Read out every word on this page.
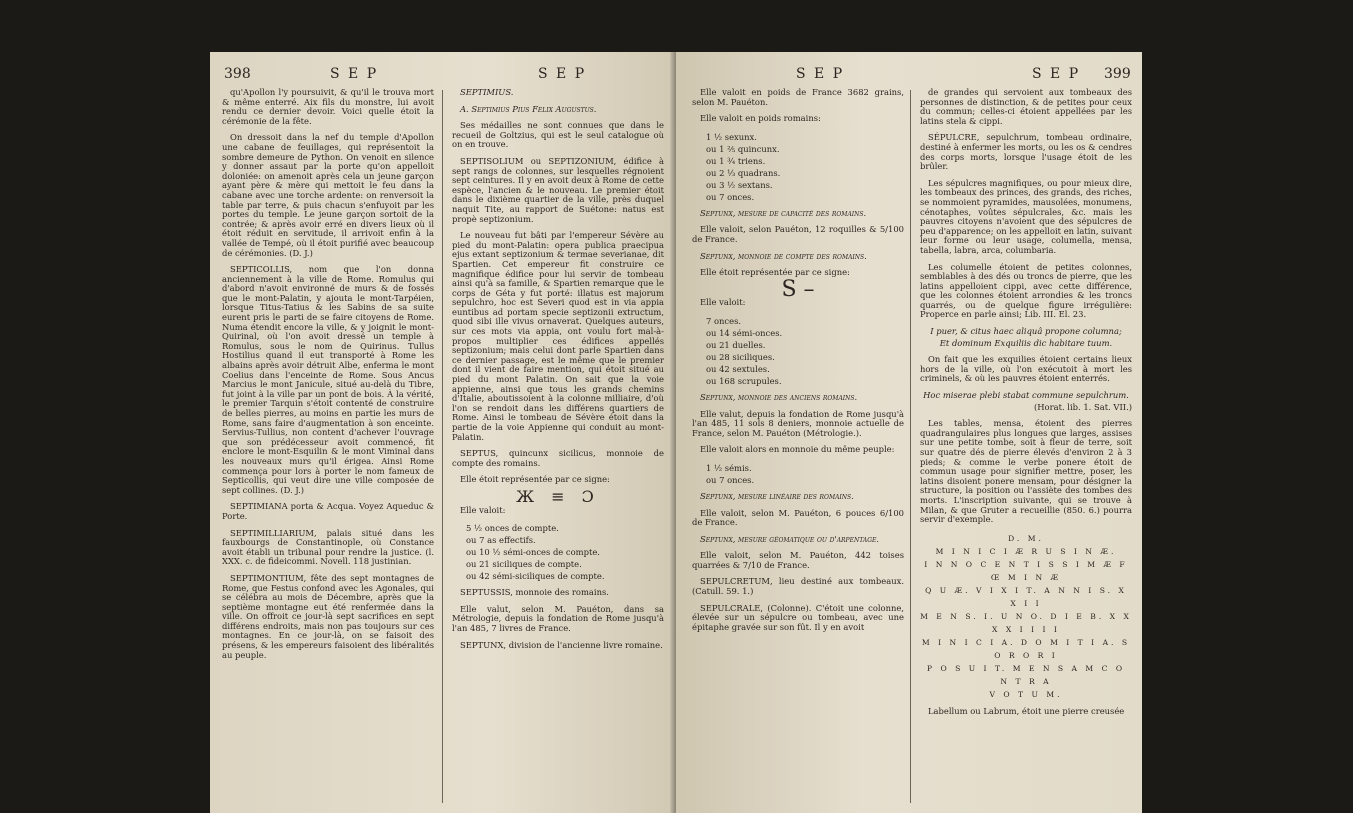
398	S E P	S E P

qu'Apollon l'y poursuivit, & qu'il le trouva mort & même enterré. Aix fils du monstre, lui avoit rendu ce dernier devoir. Voici quelle étoit la cérémonie de la fête.

On dressoit dans la nef du temple d'Apollon une cabane de feuillages, qui représentoit la sombre demeure de Python. On venoit en silence y donner assaut par la porte qu'on appelloit doloniée: on amenoit après cela un jeune garçon ayant père & mère qui mettoit le feu dans la cabane avec une torche ardente: on renversoit la table par terre, & puis chacun s'enfuyoit par les portes du temple. Le jeune garçon sortoit de la contrée; & après avoir erré en divers lieux où il étoit réduit en servitude, il arrivoit enfin à la vallée de Tempé, où il étoit purifié avec beaucoup de cérémonies. (D. J.)

SEPTICOLLIS, nom que l'on donna anciennement à la ville de Rome. Romulus qui d'abord n'avoit environné de murs & de fossés que le mont-Palatin, y ajouta le mont-Tarpéien, lorsque Titus-Tatius & les Sabins de sa suite eurent pris le parti de se faire citoyens de Rome. Numa étendit encore la ville, & y joignit le mont-Quirinal, où l'on avoit dressé un temple à Romulus, sous le nom de Quirinus. Tullus Hostilius quand il eut transporté à Rome les albains après avoir détruit Albe, enferma le mont Coelius dans l'enceinte de Rome. Sous Ancus Marcius le mont Janicule, situé au-delà du Tibre, fut joint à la ville par un pont de bois. À la vérité, le premier Tarquin s'étoit contenté de construire de belles pierres, au moins en partie les murs de Rome, sans faire d'augmentation à son enceinte. Servius-Tullius, non content d'achever l'ouvrage que son prédécesseur avoit commencé, fit enclore le mont-Esquilin & le mont Viminal dans les nouveaux murs qu'il érigea. Ainsi Rome commença pour lors à porter le nom fameux de Septicollis, qui veut dire une ville composée de sept collines. (D. J.)

SEPTIMIANA porta & Acqua. Voyez Aqueduc & Porte.

SEPTIMILLIARIUM, palais situé dans les fauxbourgs de Constantinople, où Constance avoit établi un tribunal pour rendre la justice. (l. XXX. c. de fideicommi. Novell. 118 justinian.

SEPTIMONTIUM, fête des sept montagnes de Rome, que Festus confond avec les Agonales, qui se célébra au mois de Décembre, après que la septième montagne eut été renfermée dans la ville. On offroit ce jour-là sept sacrifices en sept différens endroits, mais non pas toujours sur ces montagnes. En ce jour-là, on se faisoit des présens, & les empereurs faisoient des libéralités au peuple.

SEPTIMIUS.

A. Septimius Pius Felix Augustus.

Ses médailles ne sont connues que dans le recueil de Goltzius, qui est le seul catalogue où on en trouve.

SEPTISOLIUM ou SEPTIZONIUM, édifice à sept rangs de colonnes, sur lesquelles régnoient sept ceintures. Il y en avoit deux à Rome de cette espèce, l'ancien & le nouveau. Le premier étoit dans le dixième quartier de la ville, près duquel naquit Tite, au rapport de Suétone: natus est propè septizonium.

Le nouveau fut bâti par l'empereur Sévère au pied du mont-Palatin: opera publica praecipua ejus extant septizonium & termae severianae, dit Spartien. Cet empereur fit construire ce magnifique édifice pour lui servir de tombeau ainsi qu'à sa famille, & Spartien remarque que le corps de Géta y fut porté: illatus est majorum sepulchro, hoc est Severi quod est in via appia euntibus ad portam specie septizonii extructum, quod sibi ille vivus ornaverat. Quelques auteurs, sur ces mots via appia, ont voulu fort mal-à-propos multiplier ces édifices appellés septizonium; mais celui dont parle Spartien dans ce dernier passage, est le même que le premier dont il vient de faire mention, qui étoit situé au pied du mont Palatin. On sait que la voie appienne, ainsi que tous les grands chemins d'Italie, aboutissoient à la colonne milliaire, d'où l'on se rendoit dans les différens quartiers de Rome. Ainsi le tombeau de Sévère étoit dans la partie de la voie Appienne qui conduit au mont-Palatin.

SEPTUS, quincunx sicilicus, monnoie de compte des romains.

Elle étoit représentée par ce signe:

Ж ≡ Ɔ

Elle valoit:

5 ½ onces de compte.
ou 7 as effectifs.
ou 10 ½ sémi-onces de compte.
ou 21 siciliques de compte.
ou 42 sémi-siciliques de compte.

SEPTUSSIS, monnoie des romains.

Elle valut, selon M. Pauéton, dans sa Métrologie, depuis la fondation de Rome jusqu'à l'an 485, 7 livres de France.

SEPTUNX, division de l'ancienne livre romaine.

S E P	S E P 399

Elle valoit en poids de France 3682 grains, selon M. Pauéton.

Elle valoit en poids romains:

1 ½ sexunx.
ou 1 ⅖ quincunx.
ou 1 ¾ triens.
ou 2 ⅓ quadrans.
ou 3 ½ sextans.
ou 7 onces.

Septunx, mesure de capacité des romains.

Elle valoit, selon Pauéton, 12 roquilles & 5/100 de France.

Septunx, monnoie de compte des romains.

Elle étoit représentée par ce signe:

S –

Elle valoit:

7 onces.
ou 14 sémi-onces.
ou 21 duelles.
ou 28 siciliques.
ou 42 sextules.
ou 168 scrupules.

Septunx, monnoie des anciens romains.

Elle valut, depuis la fondation de Rome jusqu'à l'an 485, 11 sols 8 deniers, monnoie actuelle de France, selon M. Pauéton (Métrologie.).

Elle valoit alors en monnoie du même peuple:

1 ½ sémis.
ou 7 onces.

Septunx, mesure linéaire des romains.

Elle valoit, selon M. Pauéton, 6 pouces 6/100 de France.

Septunx, mesure géomatique ou d'arpentage.

Elle valoit, selon M. Pauéton, 442 toises quarrées & 7/10 de France.

SEPULCRETUM, lieu destiné aux tombeaux. (Catull. 59. 1.)

SEPULCRALE, (Colonne). C'étoit une colonne, élevée sur un sépulcre ou tombeau, avec une épitaphe gravée sur son fût. Il y en avoit

de grandes qui servoient aux tombeaux des personnes de distinction, & de petites pour ceux du commun; celles-ci étoient appellées par les latins stela & cippi.

SÉPULCRE, sepulchrum, tombeau ordinaire, destiné à enfermer les morts, ou les os & cendres des corps morts, lorsque l'usage étoit de les brûler.

Les sépulcres magnifiques, ou pour mieux dire, les tombeaux des princes, des grands, des riches, se nommoient pyramides, mausolées, monumens, cénotaphes, voûtes sépulcrales, &c. mais les pauvres citoyens n'avoient que des sépulcres de peu d'apparence; on les appelloit en latin, suivant leur forme ou leur usage, columella, mensa, tabella, labra, arca, columbaria.

Les columelle étoient de petites colonnes, semblables à des dés ou troncs de pierre, que les latins appelloient cippi, avec cette différence, que les colonnes étoient arrondies & les troncs quarrés, ou de quelque figure irrégulière: Properce en parle ainsi; Lib. III. El. 23.

I puer, & citus haec aliquâ propone columna;

Et dominum Exquiliis dic habitare tuum.

On fait que les exquilies étoient certains lieux hors de la ville, où l'on exécutoit à mort les criminels, & où les pauvres étoient enterrés.

Hoc miserae plebi stabat commune sepulchrum.

(Horat. lib. 1. Sat. VII.)

Les tables, mensa, étoient des pierres quadrangulaires plus longues que larges, assises sur une petite tombe, soit à fleur de terre, soit sur quatre dés de pierre élevés d'environ 2 à 3 pieds; & comme le verbe ponere étoit de commun usage pour signifier mettre, poser, les latins disoient ponere mensam, pour désigner la structure, la position ou l'assiète des tombes des morts. L'inscription suivante, qui se trouve à Milan, & que Gruter a recueillie (850. 6.) pourra servir d'exemple.

D. M.
M I N I C I Æ R U S I N Æ.
I N N O C E N T I S S I M Æ F Œ M I N Æ
Q U Æ. V I X I T. A N N I S. X X I I
M E N S. I. U N O. D I E B. X X X X I I I I
M I N I C I A. D O M I T I A. S O R O R I
P O S U I T. M E N S A M C O N T R A
V O T U M.

Labellum ou Labrum, étoit une pierre creusée
